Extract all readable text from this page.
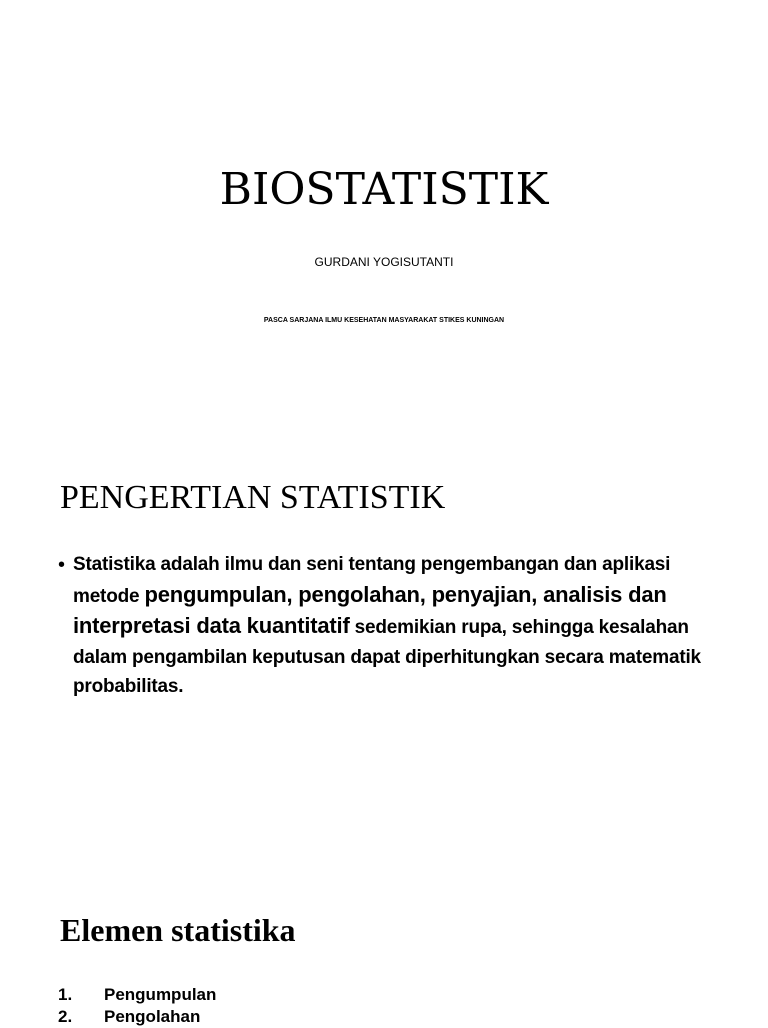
BIOSTATISTIK
GURDANI YOGISUTANTI
PASCA SARJANA ILMU KESEHATAN MASYARAKAT STIKES KUNINGAN
PENGERTIAN STATISTIK
• Statistika adalah ilmu dan seni tentang pengembangan dan aplikasi metode pengumpulan, pengolahan, penyajian, analisis dan interpretasi data kuantitatif sedemikian rupa, sehingga kesalahan dalam pengambilan keputusan dapat diperhitungkan secara matematik probabilitas.
Elemen statistika
1.	Pengumpulan
2.	Pengolahan
